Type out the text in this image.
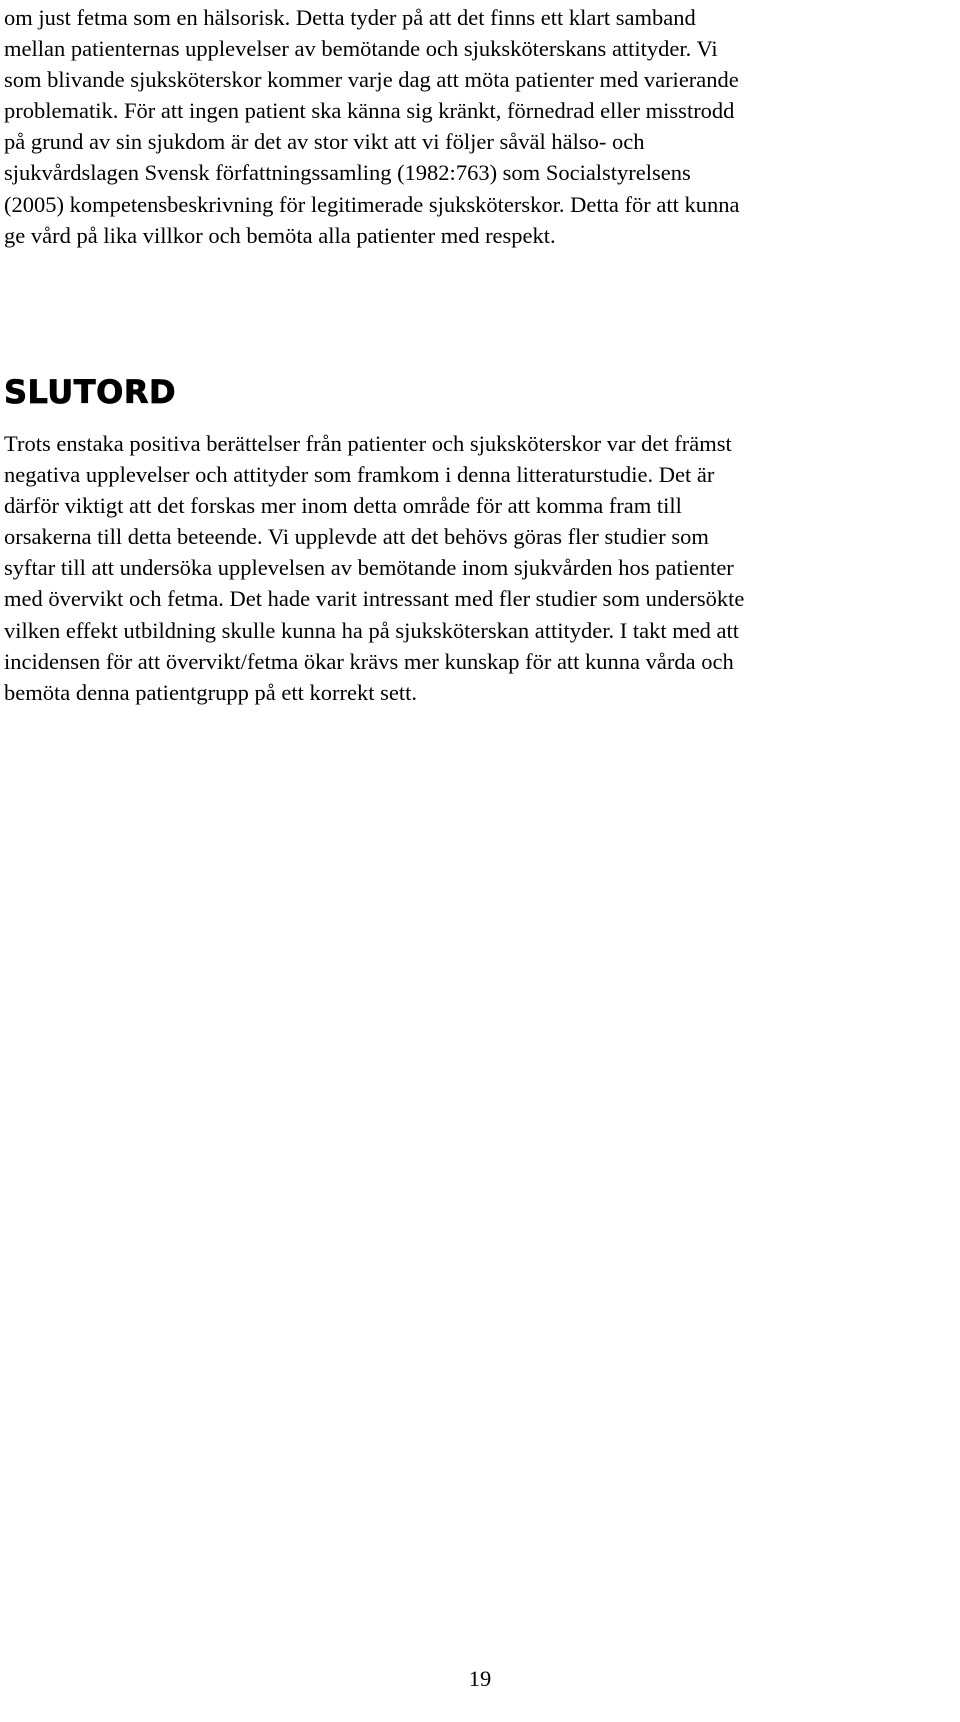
om just fetma som en hälsorisk. Detta tyder på att det finns ett klart samband
mellan patienternas upplevelser av bemötande och sjuksköterskans attityder. Vi
som blivande sjuksköterskor kommer varje dag att möta patienter med varierande
problematik. För att ingen patient ska känna sig kränkt, förnedrad eller misstrodd
på grund av sin sjukdom är det av stor vikt att vi följer såväl hälso- och
sjukvårdslagen Svensk författningssamling (1982:763) som Socialstyrelsens
(2005) kompetensbeskrivning för legitimerade sjuksköterskor. Detta för att kunna
ge vård på lika villkor och bemöta alla patienter med respekt.

SLUTORD

Trots enstaka positiva berättelser från patienter och sjuksköterskor var det främst
negativa upplevelser och attityder som framkom i denna litteraturstudie. Det är
därför viktigt att det forskas mer inom detta område för att komma fram till
orsakerna till detta beteende. Vi upplevde att det behövs göras fler studier som
syftar till att undersöka upplevelsen av bemötande inom sjukvården hos patienter
med övervikt och fetma. Det hade varit intressant med fler studier som undersökte
vilken effekt utbildning skulle kunna ha på sjuksköterskan attityder. I takt med att
incidensen för att övervikt/fetma ökar krävs mer kunskap för att kunna vårda och
bemöta denna patientgrupp på ett korrekt sett.

19
